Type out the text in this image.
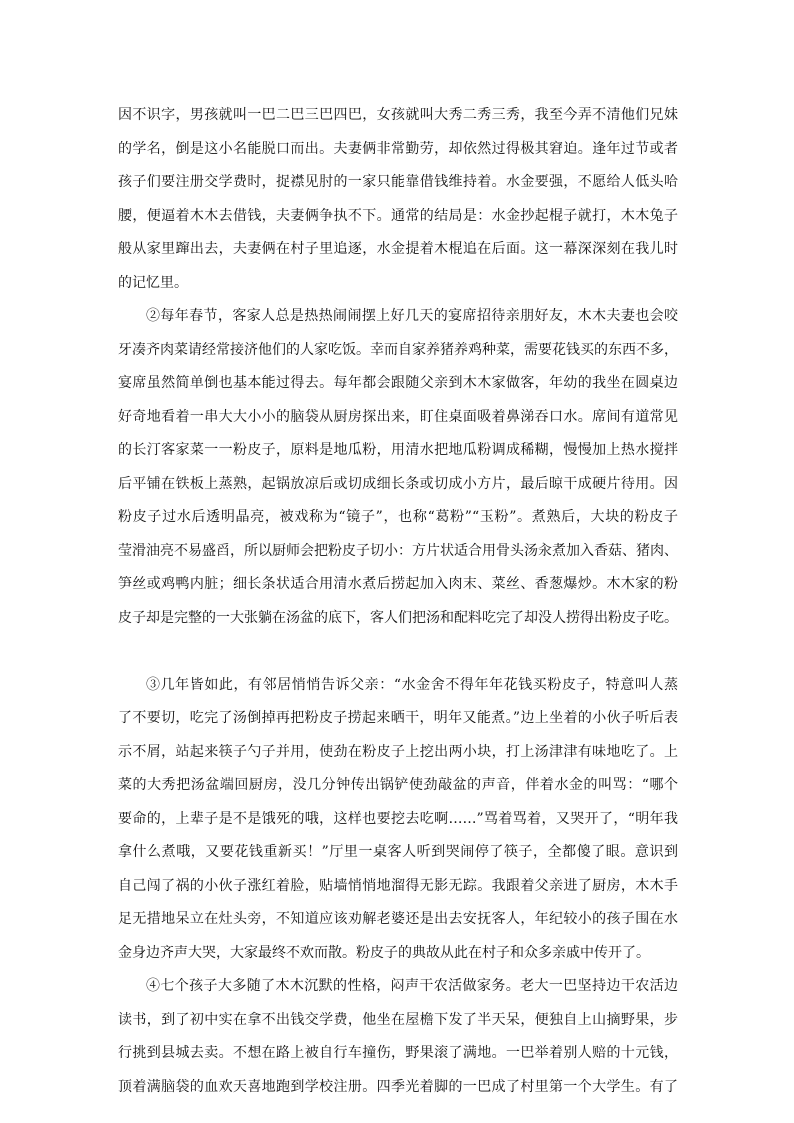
因不识字，男孩就叫一巴二巴三巴四巴，女孩就叫大秀二秀三秀，我至今弄不清他们兄妹
的学名，倒是这小名能脱口而出。夫妻俩非常勤劳，却依然过得极其窘迫。逢年过节或者
孩子们要注册交学费时，捉襟见肘的一家只能靠借钱维持着。水金要强，不愿给人低头哈
腰，便逼着木木去借钱，夫妻俩争执不下。通常的结局是：水金抄起棍子就打，木木兔子
般从家里蹿出去，夫妻俩在村子里追逐，水金提着木棍追在后面。这一幕深深刻在我儿时
的记忆里。
②每年春节，客家人总是热热闹闹摆上好几天的宴席招待亲朋好友，木木夫妻也会咬
牙凑齐肉菜请经常接济他们的人家吃饭。幸而自家养猪养鸡种菜，需要花钱买的东西不多，
宴席虽然简单倒也基本能过得去。每年都会跟随父亲到木木家做客，年幼的我坐在圆桌边
好奇地看着一串大大小小的脑袋从厨房探出来，盯住桌面吸着鼻涕吞口水。席间有道常见
的长汀客家菜一一粉皮子，原料是地瓜粉，用清水把地瓜粉调成稀糊，慢慢加上热水搅拌
后平铺在铁板上蒸熟，起锅放凉后或切成细长条或切成小方片，最后晾干成硬片待用。因
粉皮子过水后透明晶亮，被戏称为“镜子”，也称“葛粉”“玉粉”。煮熟后，大块的粉皮子
莹滑油亮不易盛舀，所以厨师会把粉皮子切小：方片状适合用骨头汤汆煮加入香菇、猪肉、
笋丝或鸡鸭内脏；细长条状适合用清水煮后捞起加入肉末、菜丝、香葱爆炒。木木家的粉
皮子却是完整的一大张躺在汤盆的底下，客人们把汤和配料吃完了却没人捞得出粉皮子吃。
③几年皆如此，有邻居悄悄告诉父亲：“水金舍不得年年花钱买粉皮子，特意叫人蒸
了不要切，吃完了汤倒掉再把粉皮子捞起来晒干，明年又能煮。”边上坐着的小伙子听后表
示不屑，站起来筷子勺子并用，使劲在粉皮子上挖出两小块，打上汤津津有味地吃了。上
菜的大秀把汤盆端回厨房，没几分钟传出锅铲使劲敲盆的声音，伴着水金的叫骂：“哪个
要命的，上辈子是不是饿死的哦，这样也要挖去吃啊……”骂着骂着，又哭开了，“明年我
拿什么煮哦，又要花钱重新买！”厅里一桌客人听到哭闹停了筷子，全都傻了眼。意识到
自己闯了祸的小伙子涨红着脸，贴墙悄悄地溜得无影无踪。我跟着父亲进了厨房，木木手
足无措地呆立在灶头旁，不知道应该劝解老婆还是出去安抚客人，年纪较小的孩子围在水
金身边齐声大哭，大家最终不欢而散。粉皮子的典故从此在村子和众多亲戚中传开了。
④七个孩子大多随了木木沉默的性格，闷声干农活做家务。老大一巴坚持边干农活边
读书，到了初中实在拿不出钱交学费，他坐在屋檐下发了半天呆，便独自上山摘野果，步
行挑到县城去卖。不想在路上被自行车撞伤，野果滚了满地。一巴举着别人赔的十元钱，
顶着满脑袋的血欢天喜地跑到学校注册。四季光着脚的一巴成了村里第一个大学生。有了
